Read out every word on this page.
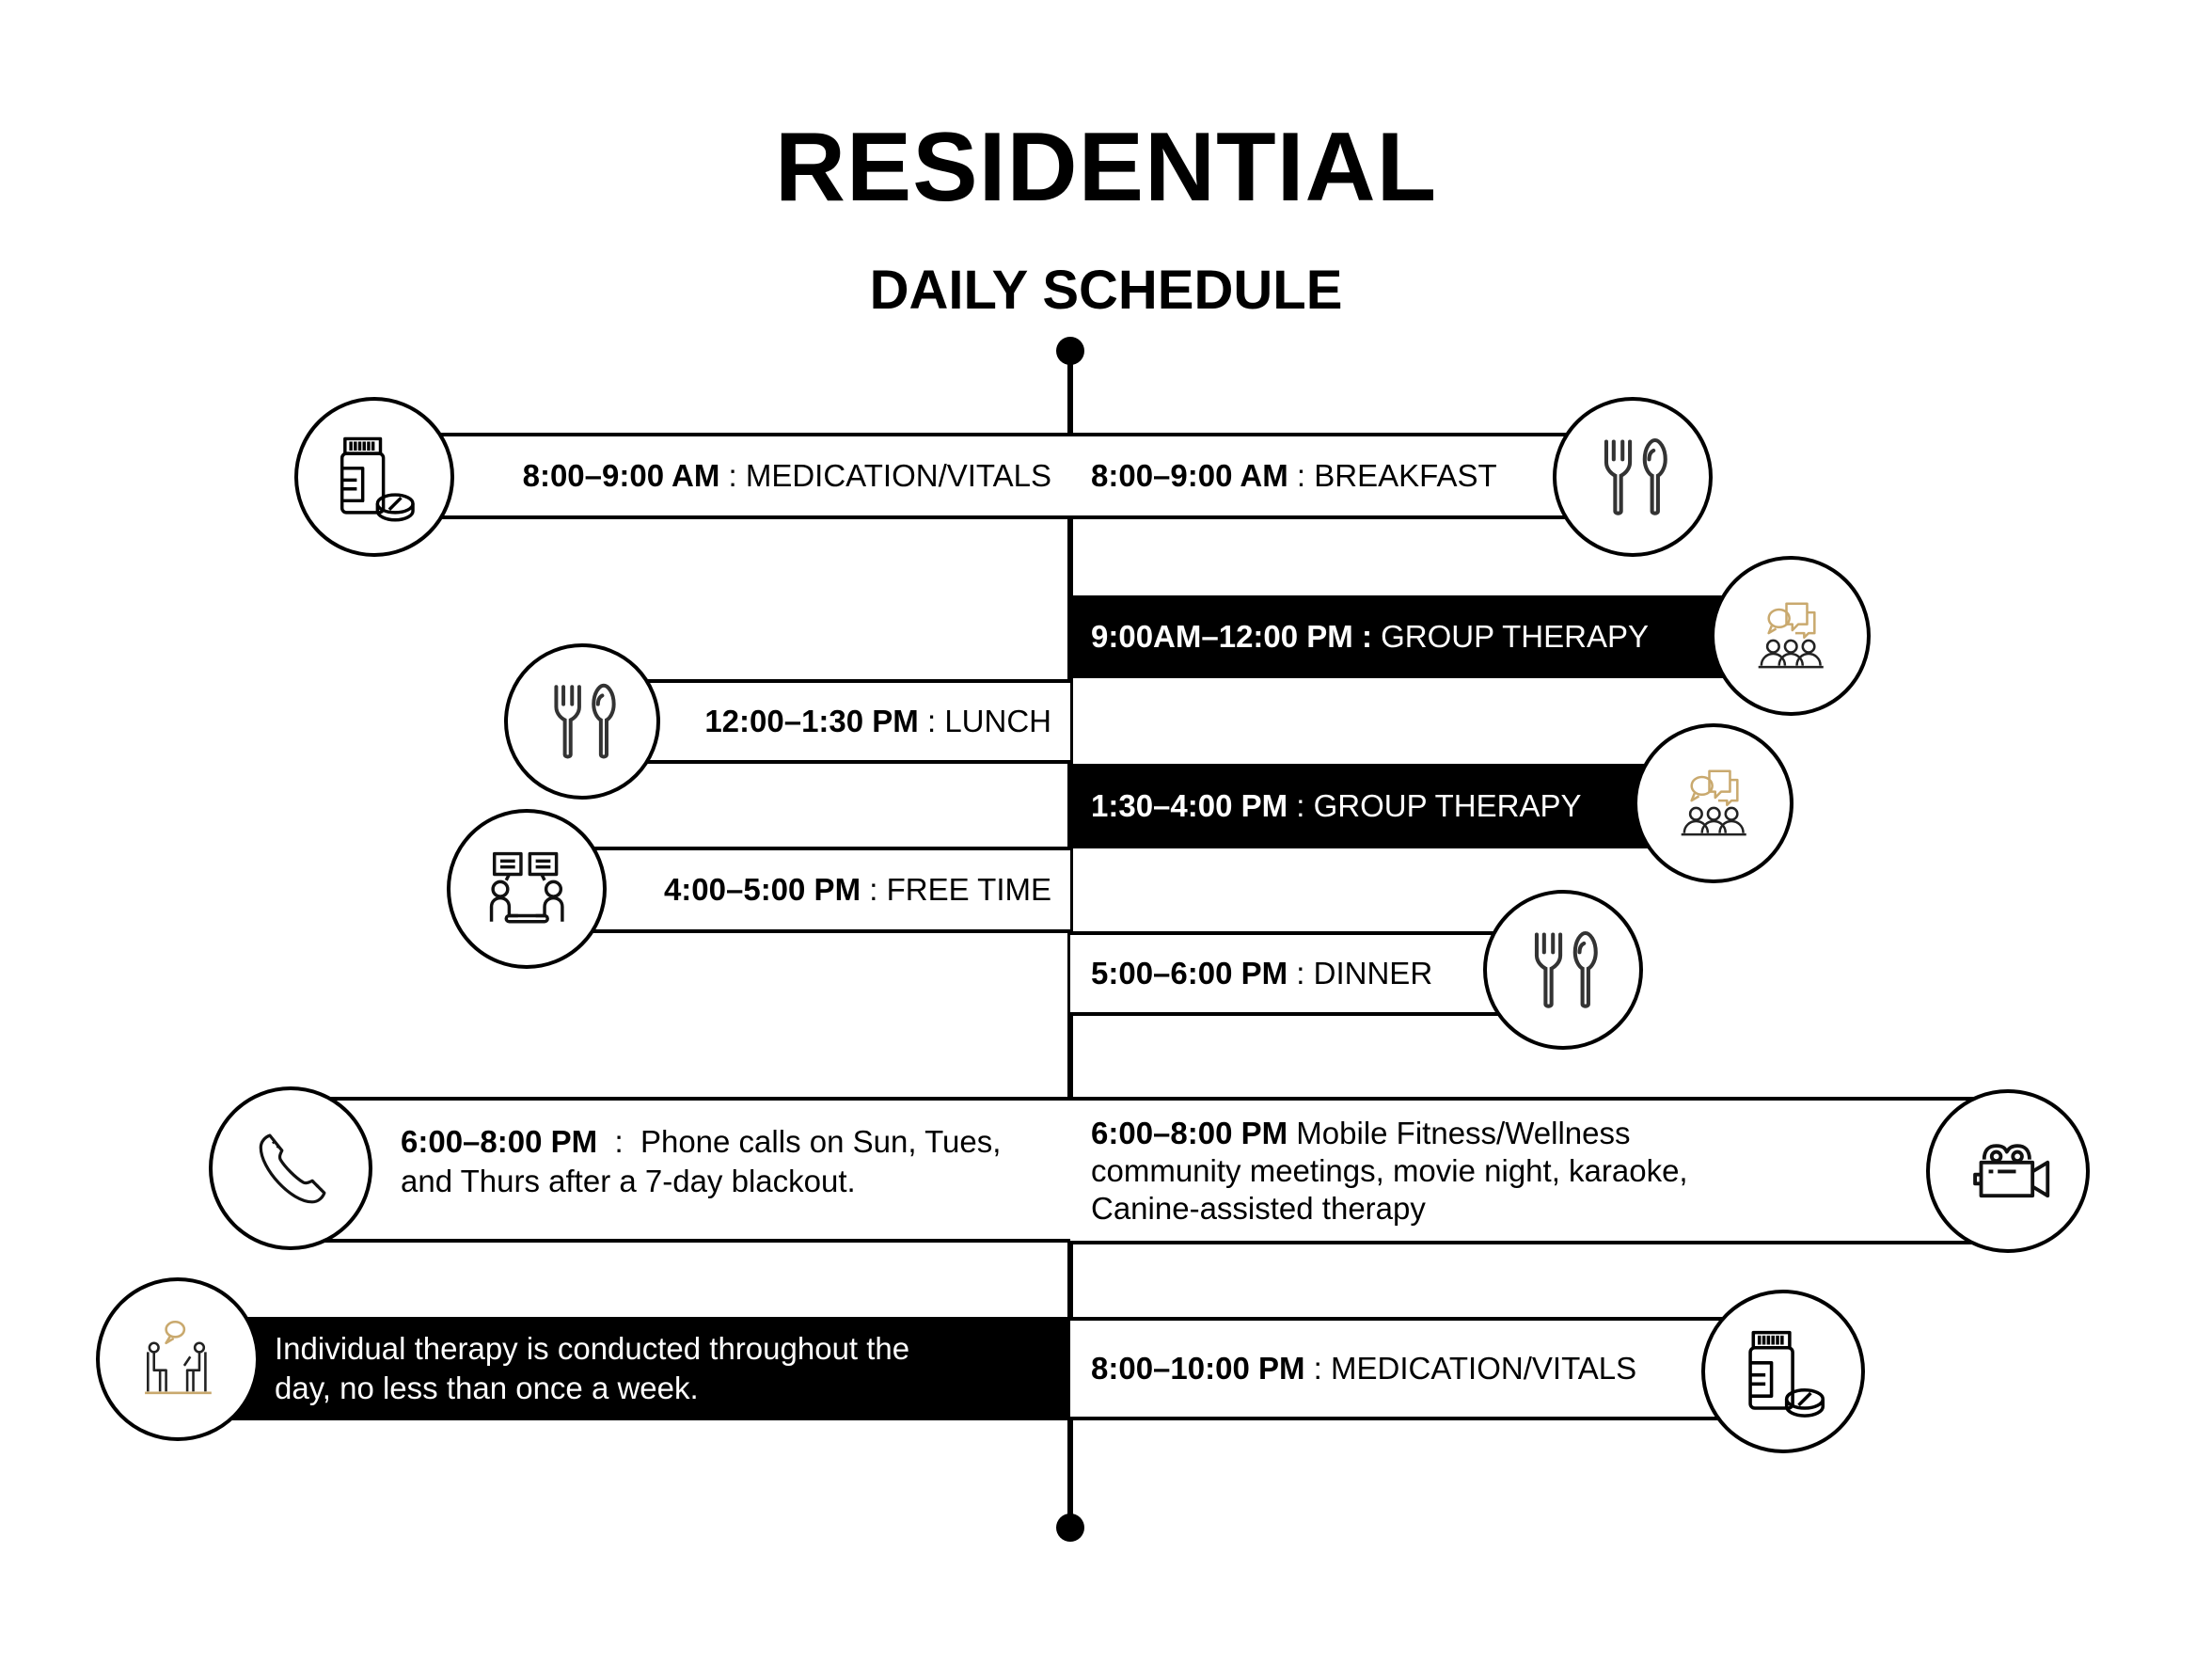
RESIDENTIAL
DAILY SCHEDULE
8:00–9:00 AM : MEDICATION/VITALS 8:00–9:00 AM : BREAKFAST
9:00AM–12:00 PM : GROUP THERAPY
12:00–1:30 PM : LUNCH
1:30–4:00 PM : GROUP THERAPY
4:00–5:00 PM : FREE TIME
5:00–6:00 PM : DINNER
6:00–8:00 PM  :  Phone calls on Sun, Tues,
and Thurs after a 7-day blackout.
6:00–8:00 PM Mobile Fitness/Wellness
community meetings, movie night, karaoke,
Canine-assisted therapy
Individual therapy is conducted throughout the
day, no less than once a week.
8:00–10:00 PM : MEDICATION/VITALS
